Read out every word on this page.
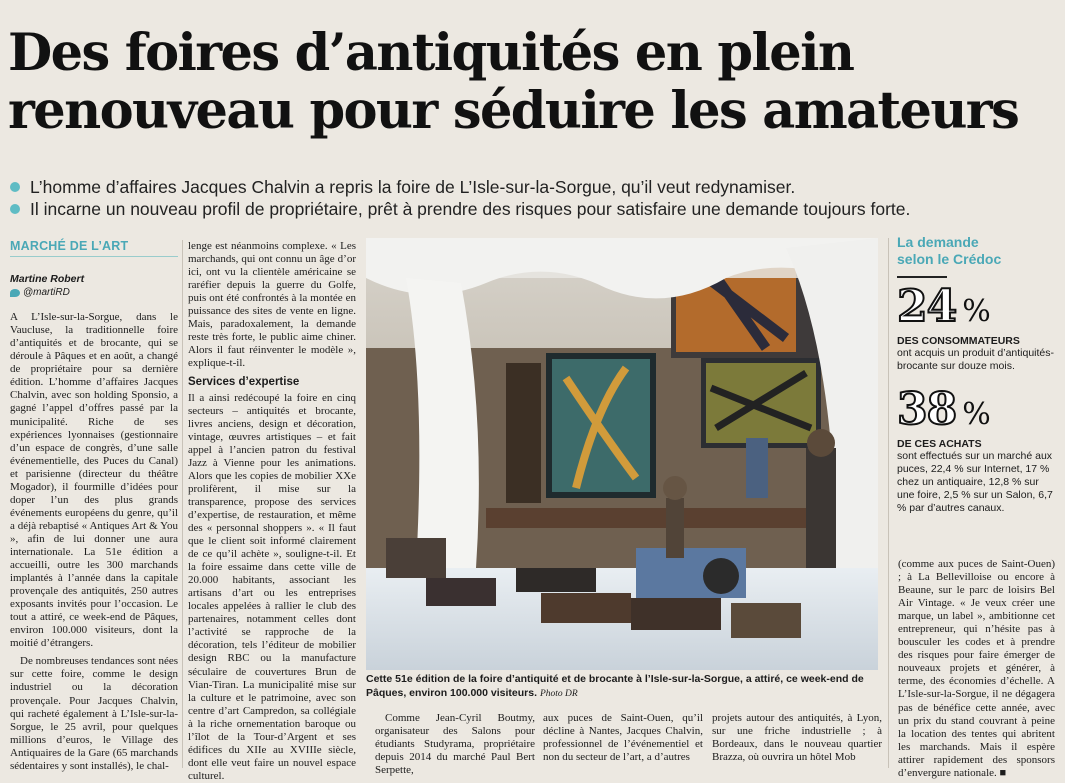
Des foires d’antiquités en plein
renouveau pour séduire les amateurs
L’homme d’affaires Jacques Chalvin a repris la foire de L’Isle-sur-la-Sorgue, qu’il veut redynamiser.
Il incarne un nouveau profil de propriétaire, prêt à prendre des risques pour satisfaire une demande toujours forte.
MARCHÉ DE L’ART
Martine Robert
@martiRD

A L’Isle-sur-la-Sorgue, dans le Vaucluse, la traditionnelle foire d’antiquités et de brocante, qui se déroule à Pâques et en août, a changé de propriétaire pour sa dernière édition. L’homme d’affaires Jacques Chalvin, avec son holding Sponsio, a gagné l’appel d’offres passé par la municipalité. Riche de ses expériences lyonnaises (gestionnaire d’un espace de congrès, d’une salle événementielle, des Puces du Canal) et parisienne (directeur du théâtre Mogador), il fourmille d’idées pour doper l’un des plus grands événements européens du genre, qu’il a déjà rebaptisé « Antiques Art & You », afin de lui donner une aura internationale. La 51e édition a accueilli, outre les 300 marchands implantés à l’année dans la capitale provençale des antiquités, 250 autres exposants invités pour l’occasion. Le tout a attiré, ce week-end de Pâques, environ 100.000 visiteurs, dont la moitié d’étrangers.

De nombreuses tendances sont nées sur cette foire, comme le design industriel ou la décoration provençale. Pour Jacques Chalvin, qui racheté également à L’Isle-sur-la-Sorgue, le 25 avril, pour quelques millions d’euros, le Village des Antiquaires de la Gare (65 marchands sédentaires y sont installés), le chal-

lenge est néanmoins complexe. « Les marchands, qui ont connu un âge d’or ici, ont vu la clientèle américaine se raréfier depuis la guerre du Golfe, puis ont été confrontés à la montée en puissance des sites de vente en ligne. Mais, paradoxalement, la demande reste très forte, le public aime chiner. Alors il faut réinventer le modèle », explique-t-il.

Services d’expertise

Il a ainsi redécoupé la foire en cinq secteurs – antiquités et brocante, livres anciens, design et décoration, vintage, œuvres artistiques – et fait appel à l’ancien patron du festival Jazz à Vienne pour les animations. Alors que les copies de mobilier XXe prolifèrent, il mise sur la transparence, propose des services d’expertise, de restauration, et même des « personnal shoppers ». « Il faut que le client soit informé clairement de ce qu’il achète », souligne-t-il. Et la foire essaime dans cette ville de 20.000 habitants, associant les artisans d’art ou les entreprises locales appelées à rallier le club des partenaires, notamment celles dont l’activité se rapproche de la décoration, tels l’éditeur de mobilier design RBC ou la manufacture séculaire de couvertures Brun de Vian-Tiran. La municipalité mise sur la culture et le patrimoine, avec son centre d’art Campredon, sa collégiale à la riche ornementation baroque ou l’îlot de la Tour-d’Argent et ses édifices du XIIe au XVIIIe siècle, dont elle veut faire un nouvel espace culturel.

Cette 51e édition de la foire d’antiquité et de brocante à l’Isle-sur-la-Sorgue, a attiré, ce week-end de Pâques, environ 100.000 visiteurs. Photo DR

Comme Jean-Cyril Boutmy, organisateur des Salons pour étudiants Studyrama, propriétaire depuis 2014 du marché Paul Bert Serpette,

aux puces de Saint-Ouen, qu’il décline à Nantes, Jacques Chalvin, professionnel de l’événementiel et non du secteur de l’art, a d’autres

projets autour des antiquités, à Lyon, sur une friche industrielle ; à Bordeaux, dans le nouveau quartier Brazza, où ouvrira un hôtel Mob

La demande
selon le Crédoc
24 %
DES CONSOMMATEURS
ont acquis un produit d’antiquités-brocante sur douze mois.
38 %
DE CES ACHATS
sont effectués sur un marché aux puces, 22,4 % sur Internet, 17 % chez un antiquaire, 12,8 % sur une foire, 2,5 % sur un Salon, 6,7 % par d’autres canaux.

(comme aux puces de Saint-Ouen) ; à La Bellevilloise ou encore à Beaune, sur le parc de loisirs Bel Air Vintage. « Je veux créer une marque, un label », ambitionne cet entrepreneur, qui n’hésite pas à bousculer les codes et à prendre des risques pour faire émerger de nouveaux projets et générer, à terme, des économies d’échelle. A L’Isle-sur-la-Sorgue, il ne dégagera pas de bénéfice cette année, avec un prix du stand couvrant à peine la location des tentes qui abritent les marchands. Mais il espère attirer rapidement des sponsors d’envergure nationale. ■
